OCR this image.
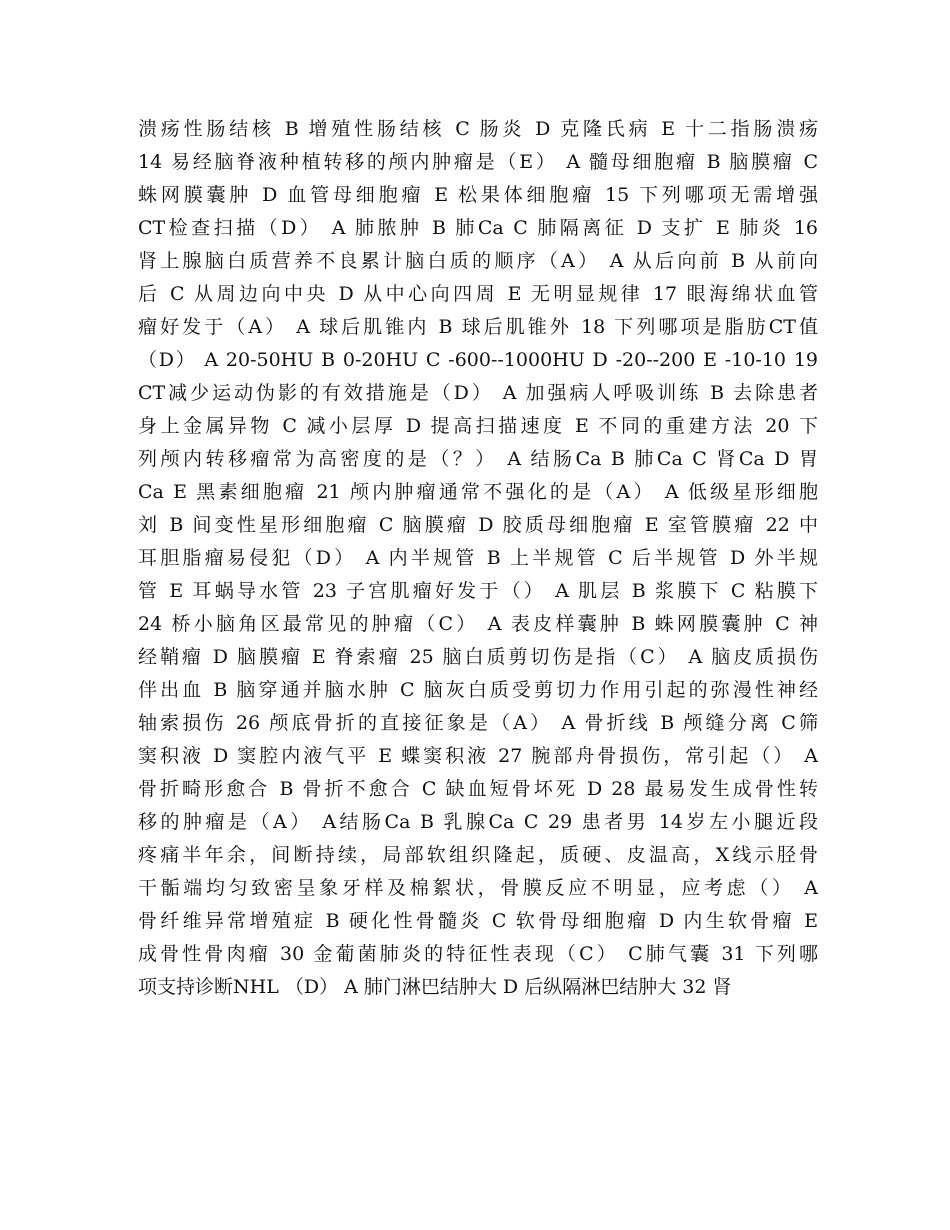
溃疡性肠结核 B 增殖性肠结核 C 肠炎 D 克隆氏病 E 十二指肠溃疡
14 易经脑脊液种植转移的颅内肿瘤是（E） A 髓母细胞瘤 B 脑膜瘤 C
蛛网膜囊肿 D 血管母细胞瘤 E 松果体细胞瘤 15 下列哪项无需增强
CT检查扫描（D） A 肺脓肿 B 肺Ca C 肺隔离征 D 支扩 E 肺炎 16
肾上腺脑白质营养不良累计脑白质的顺序（A） A 从后向前 B 从前向
后 C 从周边向中央 D 从中心向四周 E 无明显规律 17 眼海绵状血管
瘤好发于（A） A 球后肌锥内 B 球后肌锥外 18 下列哪项是脂肪CT值
（D） A 20-50HU B 0-20HU C -600--1000HU D -20--200 E -10-10 19
CT减少运动伪影的有效措施是（D） A 加强病人呼吸训练 B 去除患者
身上金属异物 C 减小层厚 D 提高扫描速度 E 不同的重建方法 20 下
列颅内转移瘤常为高密度的是（？） A 结肠Ca B 肺Ca C 肾Ca D 胃
Ca E 黑素细胞瘤 21 颅内肿瘤通常不强化的是（A） A 低级星形细胞
刘 B 间变性星形细胞瘤 C 脑膜瘤 D 胶质母细胞瘤 E 室管膜瘤 22 中
耳胆脂瘤易侵犯（D） A 内半规管 B 上半规管 C 后半规管 D 外半规
管 E 耳蜗导水管 23 子宫肌瘤好发于（） A 肌层 B 浆膜下 C 粘膜下
24 桥小脑角区最常见的肿瘤（C） A 表皮样囊肿 B 蛛网膜囊肿 C 神
经鞘瘤 D 脑膜瘤 E 脊索瘤 25 脑白质剪切伤是指（C） A 脑皮质损伤
伴出血 B 脑穿通并脑水肿 C 脑灰白质受剪切力作用引起的弥漫性神经
轴索损伤 26 颅底骨折的直接征象是（A） A 骨折线 B 颅缝分离 C筛
窦积液 D 窦腔内液气平 E 蝶窦积液 27 腕部舟骨损伤，常引起（） A
骨折畸形愈合 B 骨折不愈合 C 缺血短骨坏死 D 28 最易发生成骨性转
移的肿瘤是（A） A结肠Ca B 乳腺Ca C 29 患者男 14岁左小腿近段
疼痛半年余，间断持续，局部软组织隆起，质硬、皮温高，X线示胫骨
干骺端均匀致密呈象牙样及棉絮状，骨膜反应不明显，应考虑（） A
骨纤维异常增殖症 B 硬化性骨髓炎 C 软骨母细胞瘤 D 内生软骨瘤 E
成骨性骨肉瘤 30 金葡菌肺炎的特征性表现（C） C肺气囊 31 下列哪
项支持诊断NHL （D） A 肺门淋巴结肿大 D 后纵隔淋巴结肿大 32 肾
